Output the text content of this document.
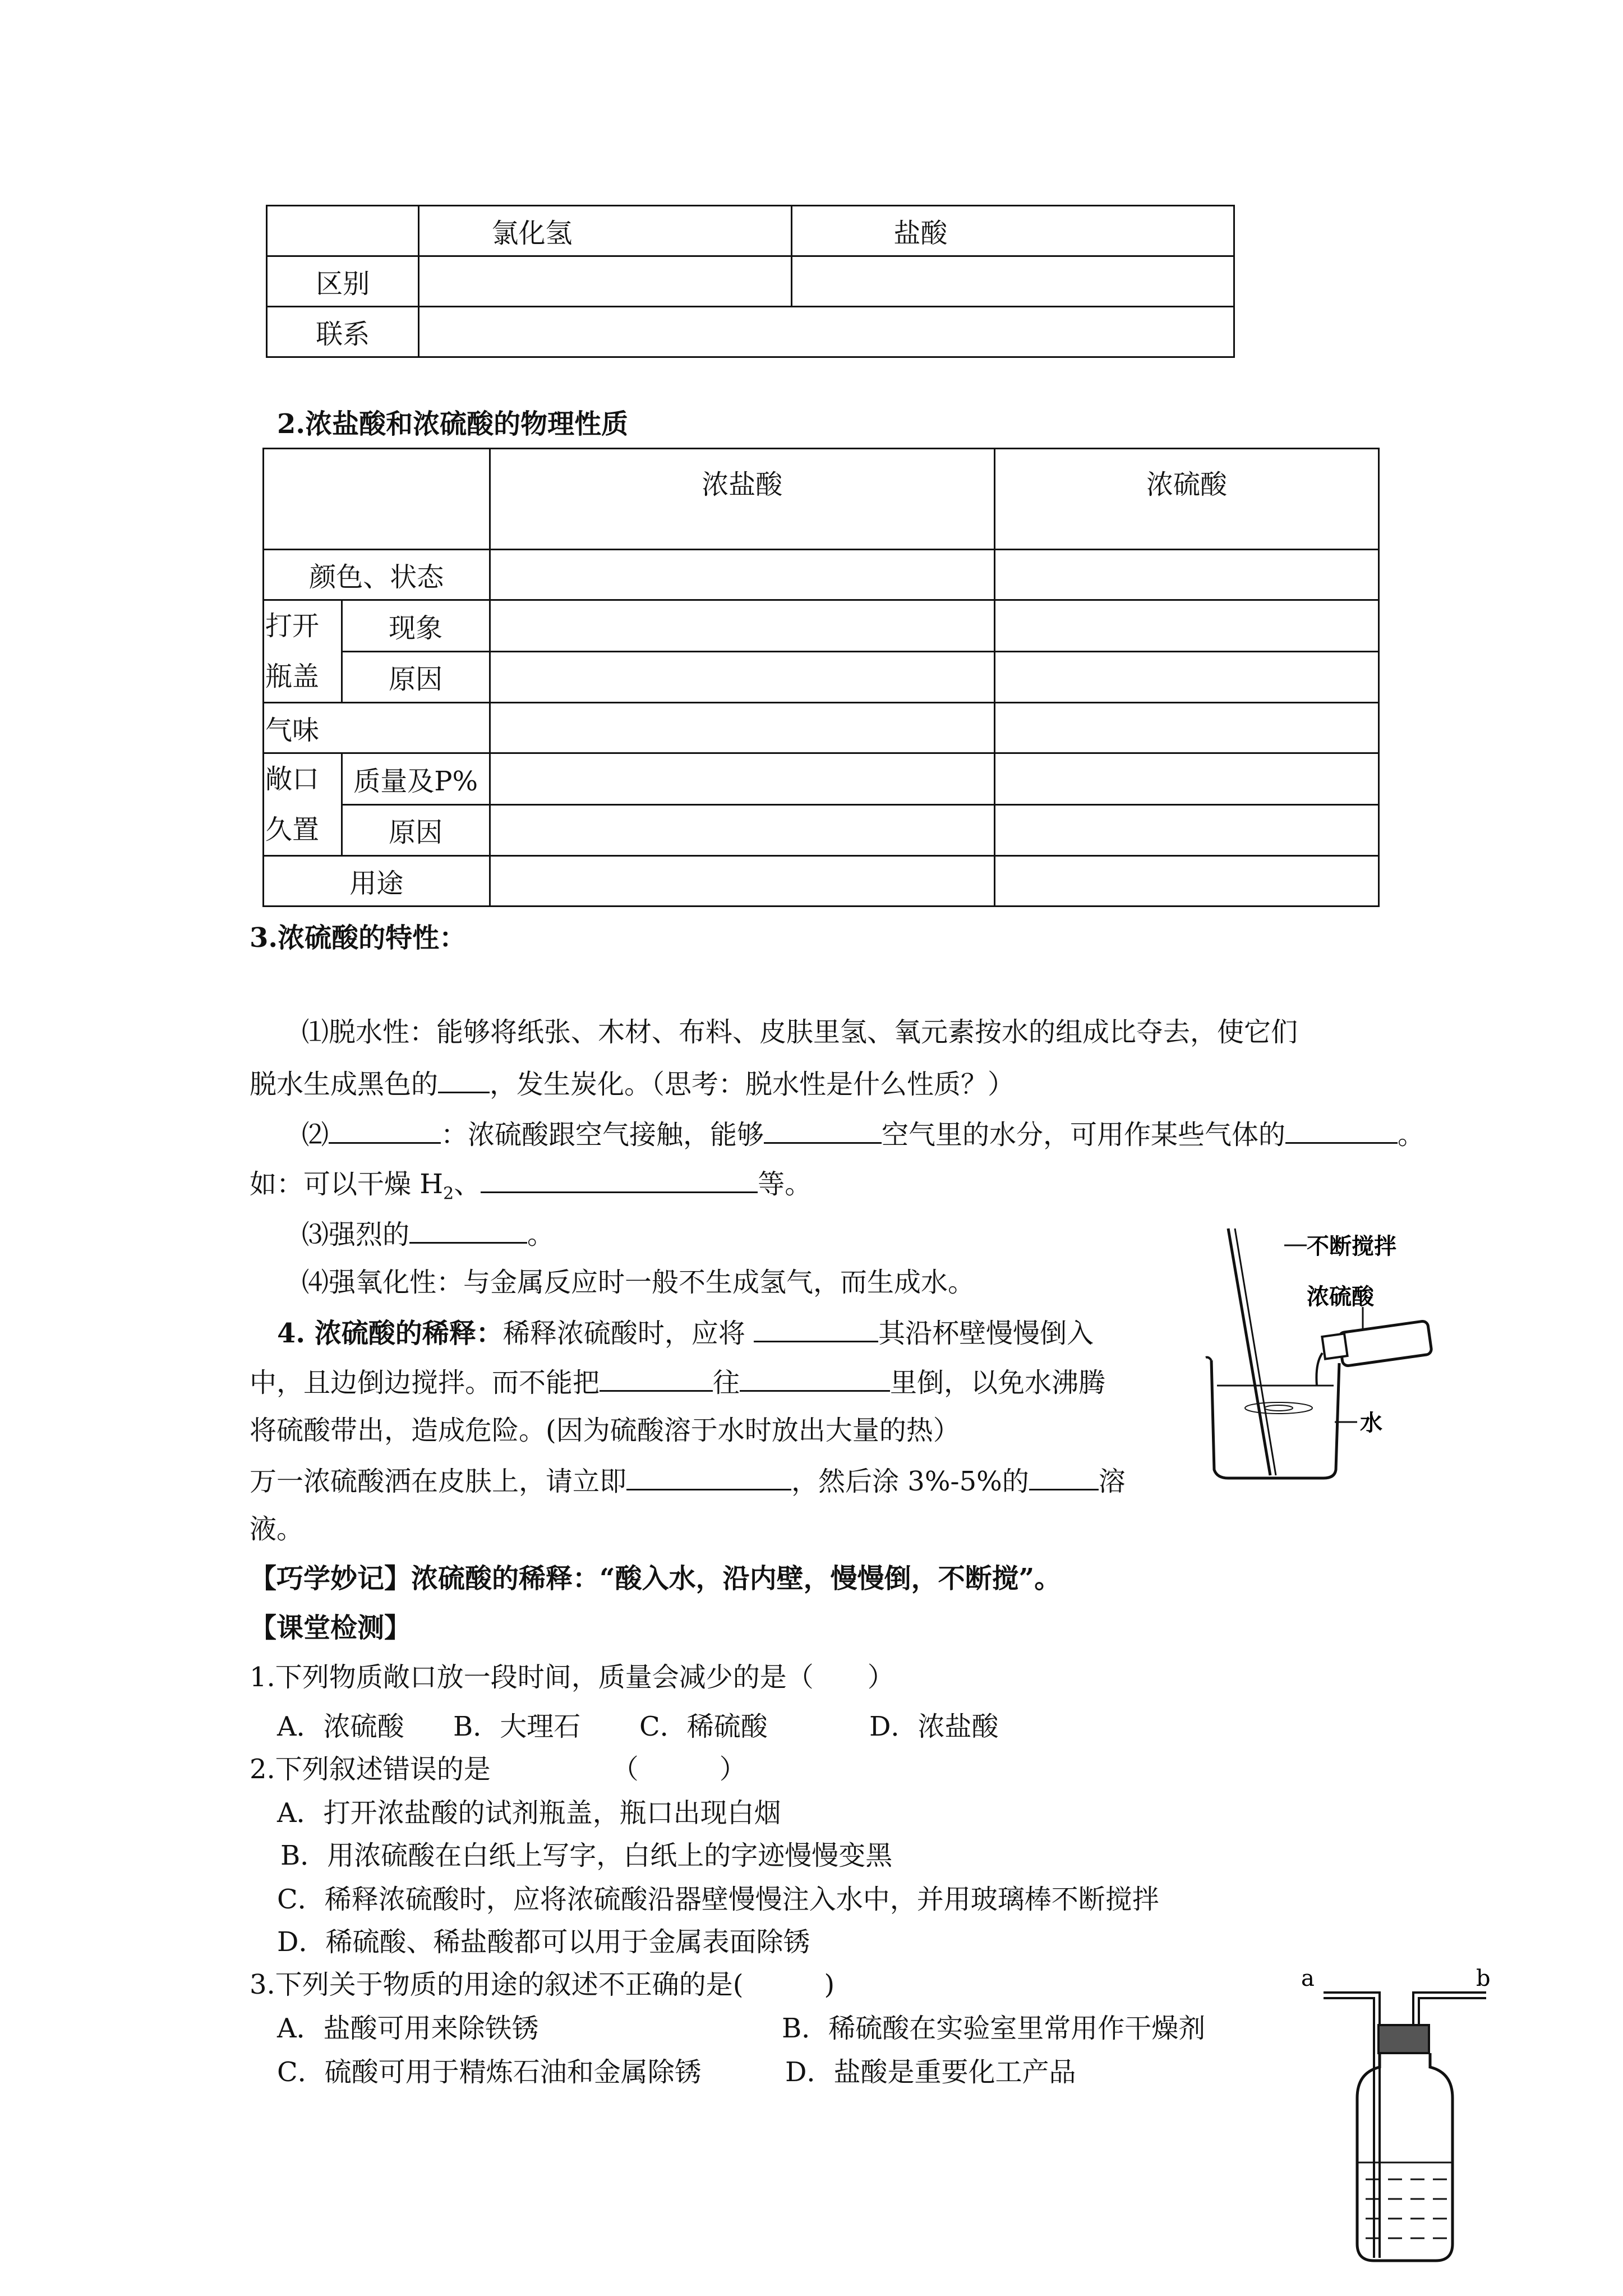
	氯化氢	盐酸
区别		
联系		
2.浓盐酸和浓硫酸的物理性质
		浓盐酸	浓硫酸
颜色、状态			
打开
瓶盖	现象		
	原因		
气味			
敞口
久置	质量及P%		
	原因		
用途			
3.浓硫酸的特性：
⑴脱水性：能够将纸张、木材、布料、皮肤里氢、氧元素按水的组成比夺去，使它们
脱水生成黑色的 ，发生炭化。（思考：脱水性是什么性质？）
⑵	：浓硫酸跟空气接触，能够	空气里的水分，可用作某些气体的	。
如：可以干燥 $H_2$、	等。
⑶强烈的	。
⑷强氧化性：与金属反应时一般不生成氢气，而生成水。
4. 浓硫酸的稀释：稀释浓硫酸时，应将	其沿杯壁慢慢倒入
中，且边倒边搅拌。而不能把	往	里倒，以免水沸腾
将硫酸带出，造成危险。(因为硫酸溶于水时放出大量的热）
万一浓硫酸洒在皮肤上，请立即	，然后涂 3%-5%的	溶
液。
不断搅拌
浓硫酸
水
【巧学妙记】浓硫酸的稀释：“酸入水，沿内壁，慢慢倒，不断搅”。
【课堂检测】
1.下列物质敞口放一段时间，质量会减少的是（　　）
A．浓硫酸 B．大理石 C．稀硫酸	D．浓盐酸
2.下列叙述错误的是　　　　　（　　　）
A．打开浓盐酸的试剂瓶盖，瓶口出现白烟
B．用浓硫酸在白纸上写字，白纸上的字迹慢慢变黑
C．稀释浓硫酸时，应将浓硫酸沿器壁慢慢注入水中，并用玻璃棒不断搅拌
D．稀硫酸、稀盐酸都可以用于金属表面除锈
3.下列关于物质的用途的叙述不正确的是(　　　)
A．盐酸可用来除铁锈	B．稀硫酸在实验室里常用作干燥剂
C．硫酸可用于精炼石油和金属除锈	D．盐酸是重要化工产品
a	b
